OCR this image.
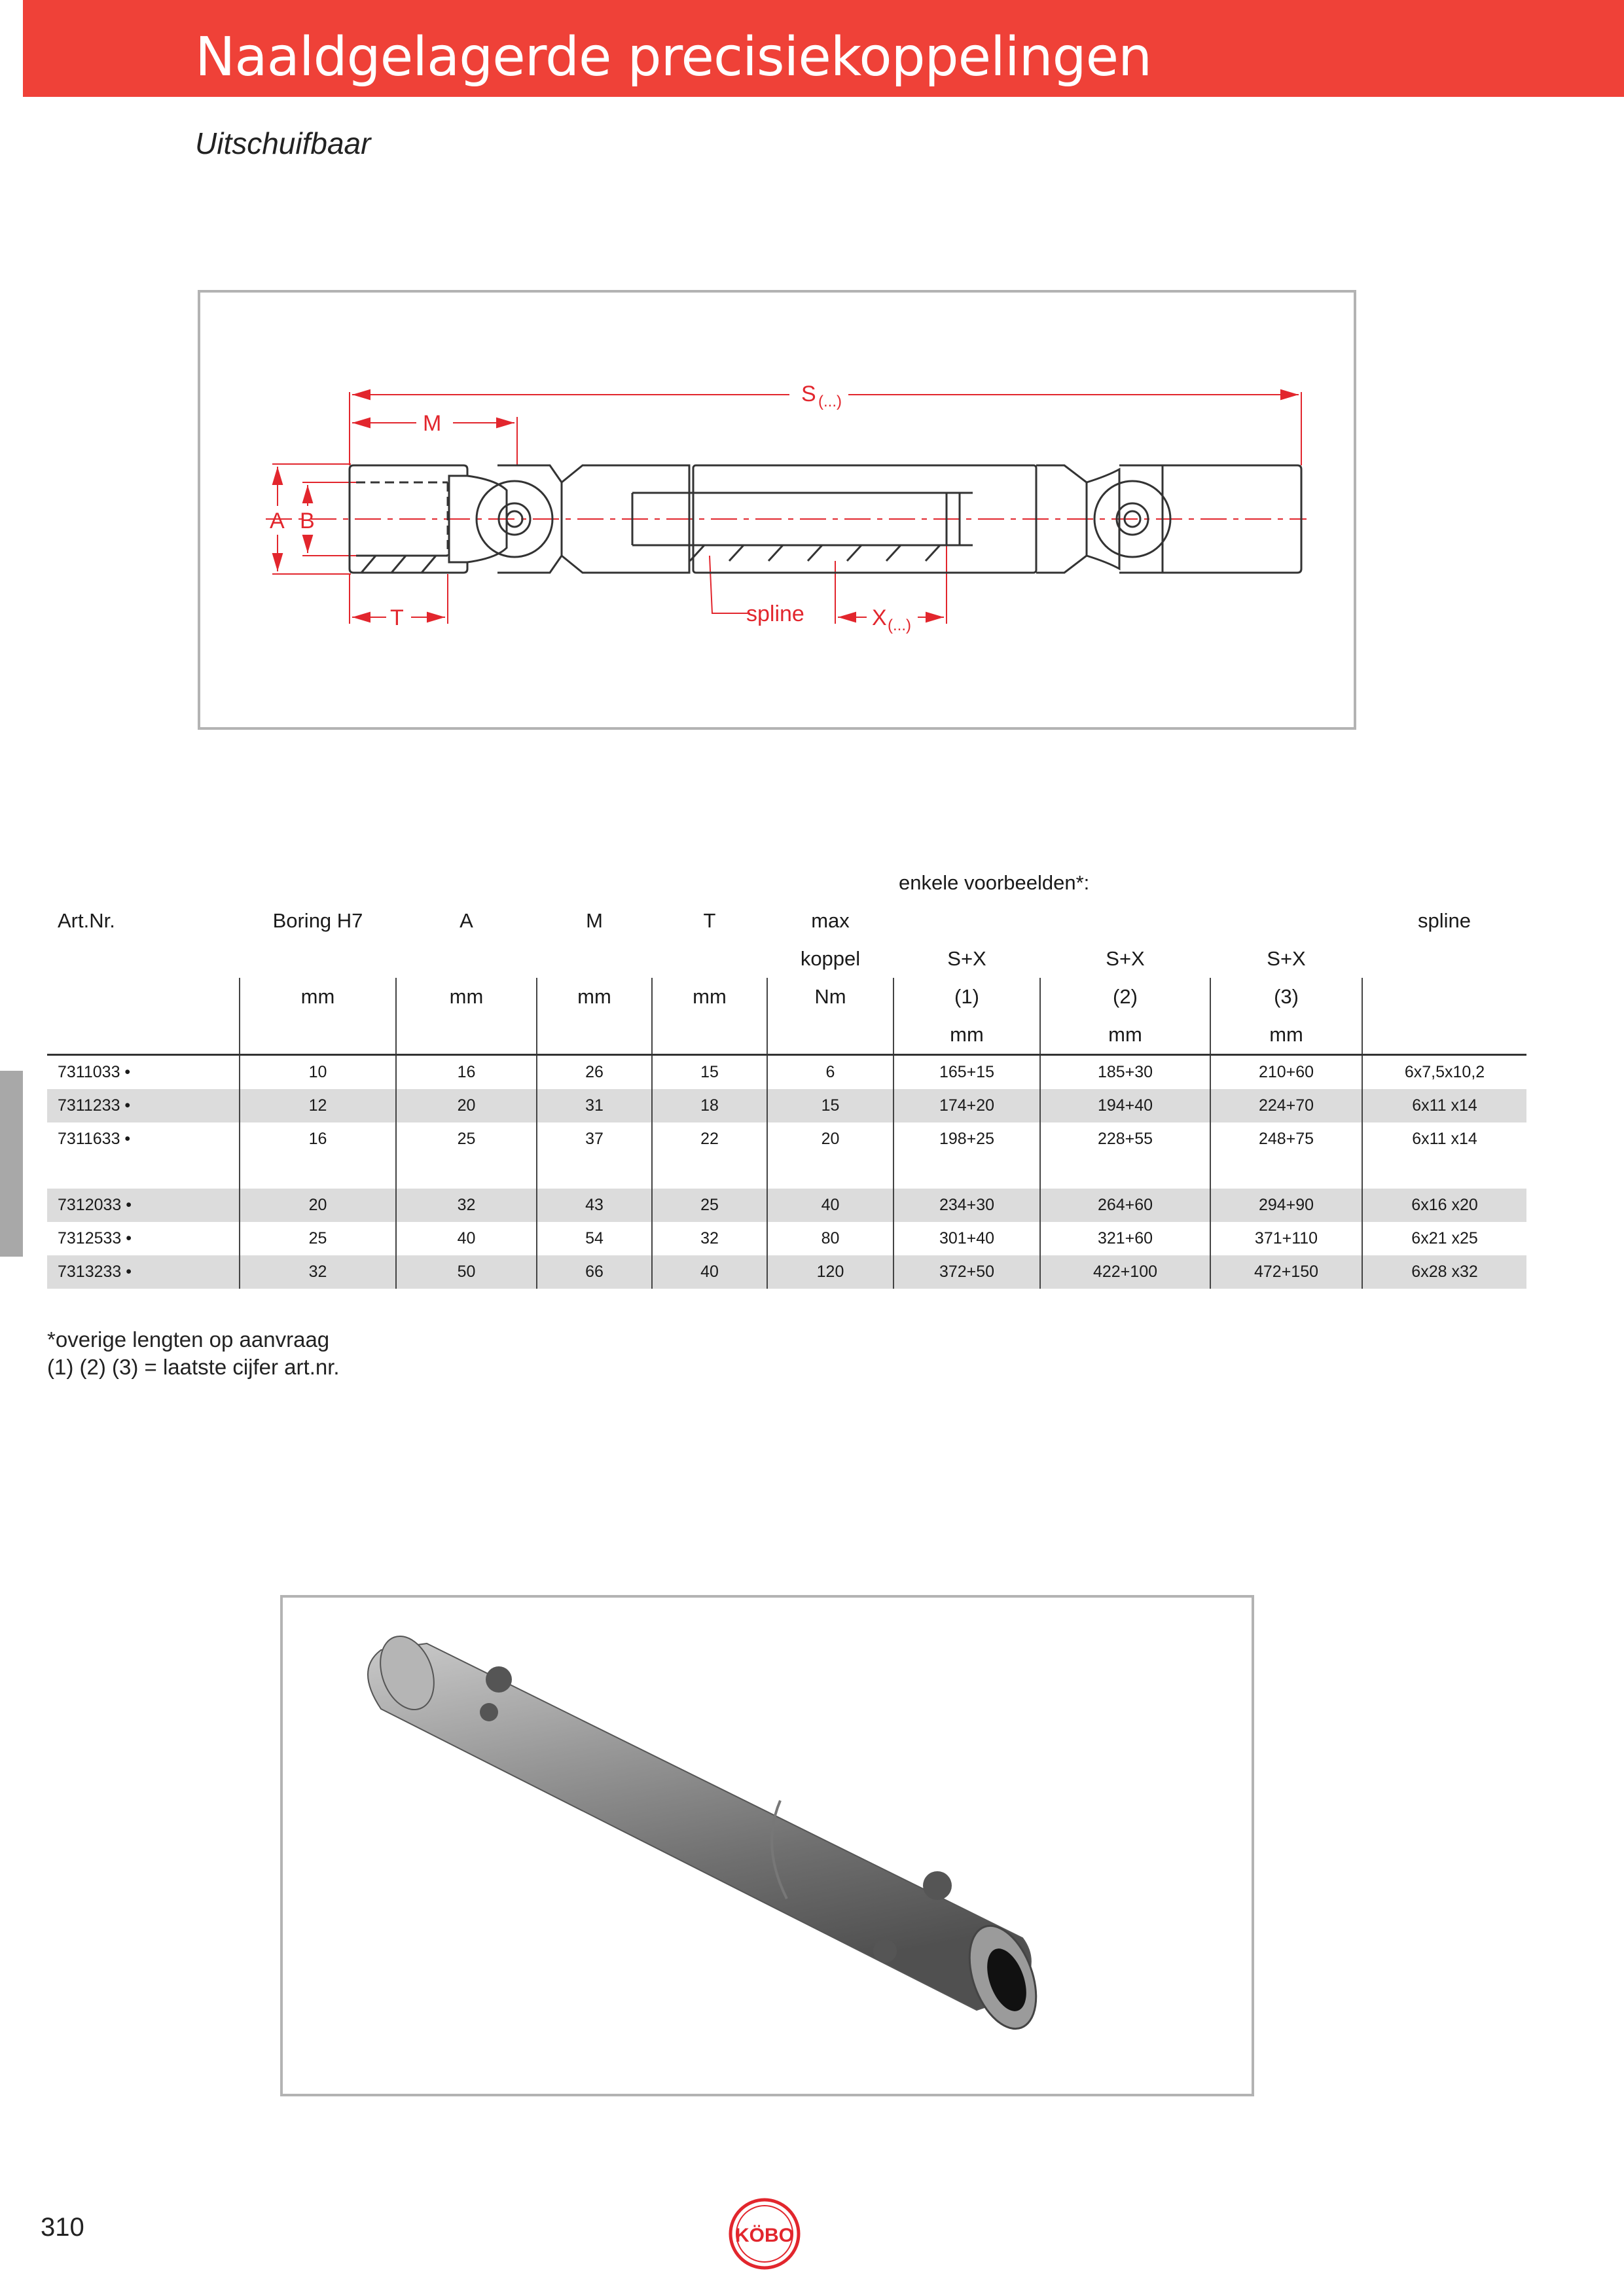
Naaldgelagerde precisiekoppelingen
Uitschuifbaar
S (...)
M
A B
T	spline	X (...)
						enkele voorbeelden*:			
Art.Nr.	Boring H7	A	M	T	max				spline
					koppel	S+X	S+X	S+X	
	mm	mm	mm	mm	Nm	(1)	(2)	(3)	
						mm	mm	mm	
7311033 •	10	16	26	15	6	165+15	185+30	210+60	6x7,5x10,2
7311233 •	12	20	31	18	15	174+20	194+40	224+70	6x11 x14
7311633 •	16	25	37	22	20	198+25	228+55	248+75	6x11 x14

7312033 •	20	32	43	25	40	234+30	264+60	294+90	6x16 x20
7312533 •	25	40	54	32	80	301+40	321+60	371+110	6x21 x25
7313233 •	32	50	66	40	120	372+50	422+100	472+150	6x28 x32
*overige lengten op aanvraag
(1) (2) (3) = laatste cijfer art.nr.
310	KÖBO
